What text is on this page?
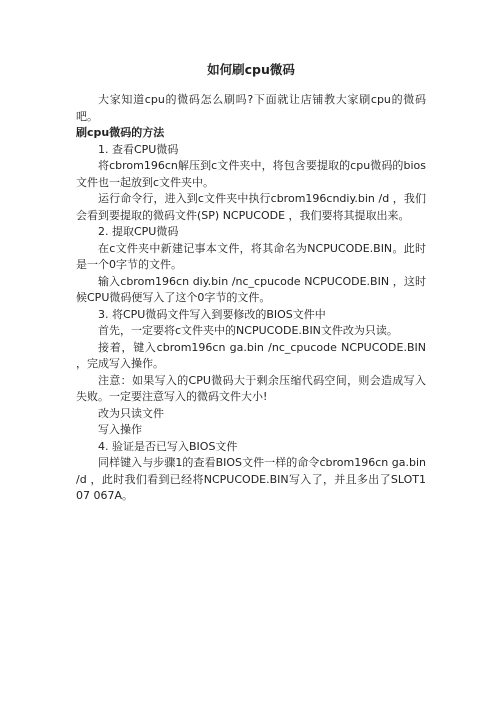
如何刷cpu微码

大家知道cpu的微码怎么刷吗?下面就让店铺教大家刷cpu的微码吧。

刷cpu微码的方法

1. 查看CPU微码

将cbrom196cn解压到c文件夹中，将包含要提取的cpu微码的bios文件也一起放到c文件夹中。

运行命令行，进入到c文件夹中执行cbrom196cndiy.bin /d ，我们会看到要提取的微码文件(SP) NCPUCODE ，我们要将其提取出来。

2. 提取CPU微码

在c文件夹中新建记事本文件，将其命名为NCPUCODE.BIN。此时是一个0字节的文件。

输入cbrom196cn diy.bin /nc_cpucode NCPUCODE.BIN ，这时候CPU微码便写入了这个0字节的文件。

3. 将CPU微码文件写入到要修改的BIOS文件中

首先，一定要将c文件夹中的NCPUCODE.BIN文件改为只读。

接着，键入cbrom196cn ga.bin /nc_cpucode NCPUCODE.BIN ，完成写入操作。

注意：如果写入的CPU微码大于剩余压缩代码空间，则会造成写入失败。一定要注意写入的微码文件大小!

改为只读文件

写入操作

4. 验证是否已写入BIOS文件

同样键入与步骤1的查看BIOS文件一样的命令cbrom196cn ga.bin /d ，此时我们看到已经将NCPUCODE.BIN写入了，并且多出了SLOT1 07 067A。
